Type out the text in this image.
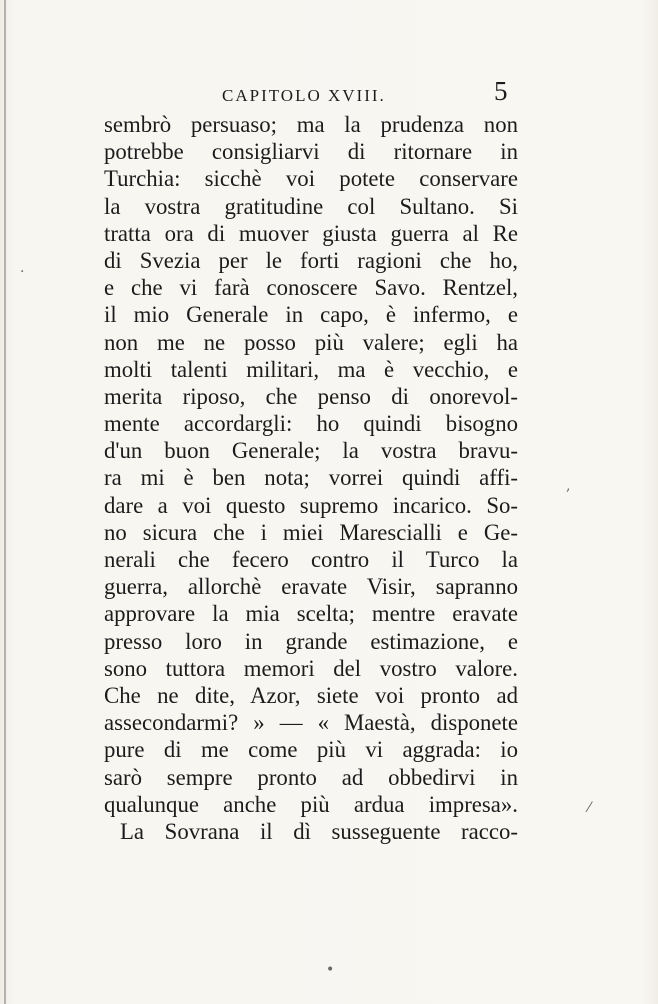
CAPITOLO XVIII.	5
sembrò persuaso; ma la prudenza non
potrebbe consigliarvi di ritornare in
Turchia: sicchè voi potete conservare
la vostra gratitudine col Sultano. Si
tratta ora di muover giusta guerra al Re
di Svezia per le forti ragioni che ho,
e che vi farà conoscere Savo. Rentzel,
il mio Generale in capo, è infermo, e
non me ne posso più valere; egli ha
molti talenti militari, ma è vecchio, e
merita riposo, che penso di onorevol-
mente accordargli: ho quindi bisogno
d'un buon Generale; la vostra bravu-
ra mi è ben nota; vorrei quindi affi-
dare a voi questo supremo incarico. So-
no sicura che i miei Marescialli e Ge-
nerali che fecero contro il Turco la
guerra, allorchè eravate Visir, sapranno
approvare la mia scelta; mentre eravate
presso loro in grande estimazione, e
sono tuttora memori del vostro valore.
Che ne dite, Azor, siete voi pronto ad
assecondarmi? » — « Maestà, disponete
pure di me come più vi aggrada: io
sarò sempre pronto ad obbedirvi in
qualunque anche più ardua impresa».
La Sovrana il dì susseguente racco-
⁄
,
·
•
